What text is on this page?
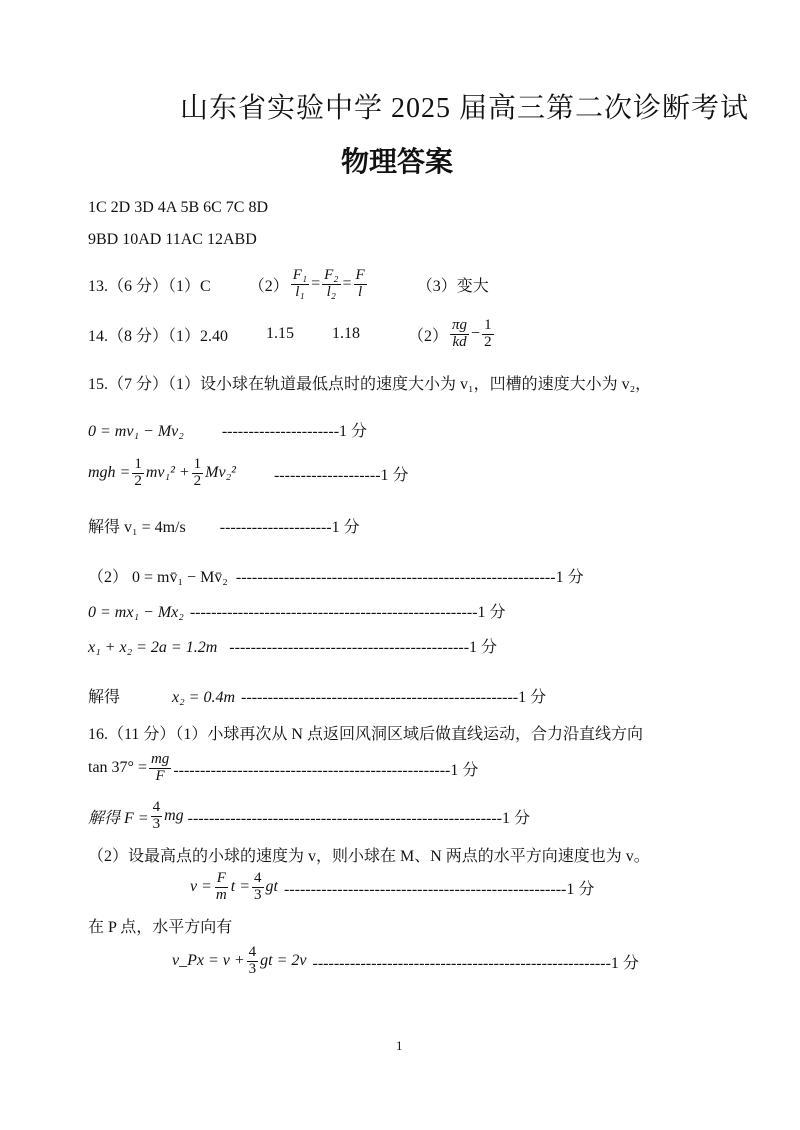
山东省实验中学 2025 届高三第二次诊断考试
物理答案
1C 2D 3D 4A 5B 6C 7C 8D
9BD 10AD 11AC 12ABD
13.（6 分）（1）C $(2) \frac{\text{F₁}}{\text{l₁}} = \frac{\text{F₂}}{\text{l₂}} = \frac{F}{l}$	（3）变大
14.（8 分）（1）2.40 1.15 1.18	$(2) \frac{\pi g}{kd} - \frac{1}{2}$
15.（7 分）（1）设小球在轨道最低点时的速度大小为 v₁，凹槽的速度大小为 v₂，
0 = mv₁ − Mv₂ ----------------------1 分
mgh = $\frac{1}{2} mv_1^2 + \frac{1}{2} Mv_2^2$ --------------------1 分
解得 v₁ = 4m/s ---------------------1 分
（2） 0 = mv̄₁ − Mv̄₂ ------------------------------------------------------------1 分
0 = mx₁ − Mx₂ ------------------------------------------------------1 分
x₁ + x₂ = 2a = 1.2m ---------------------------------------------1 分
解得	x₂ = 0.4m ----------------------------------------------------1 分
16.（11 分）（1）小球再次从 N 点返回风洞区域后做直线运动，合力沿直线方向
$\tan 37^\circ = \frac{mg}{F} ----------------------------------------------------1$ 分
解得 $F = \frac{4}{3}$ mg -----------------------------------------------------------1 分
（2）设最高点的小球的速度为 v，则小球在 M、N 两点的水平方向速度也为 v。
$v = \frac{F}{m}$ $t = \frac{4}{3}$ gt -----------------------------------------------------1 分
在 P 点，水平方向有
v_Px = $v + \frac{4}{3}$ gt = 2v --------------------------------------------------------1 分
1
